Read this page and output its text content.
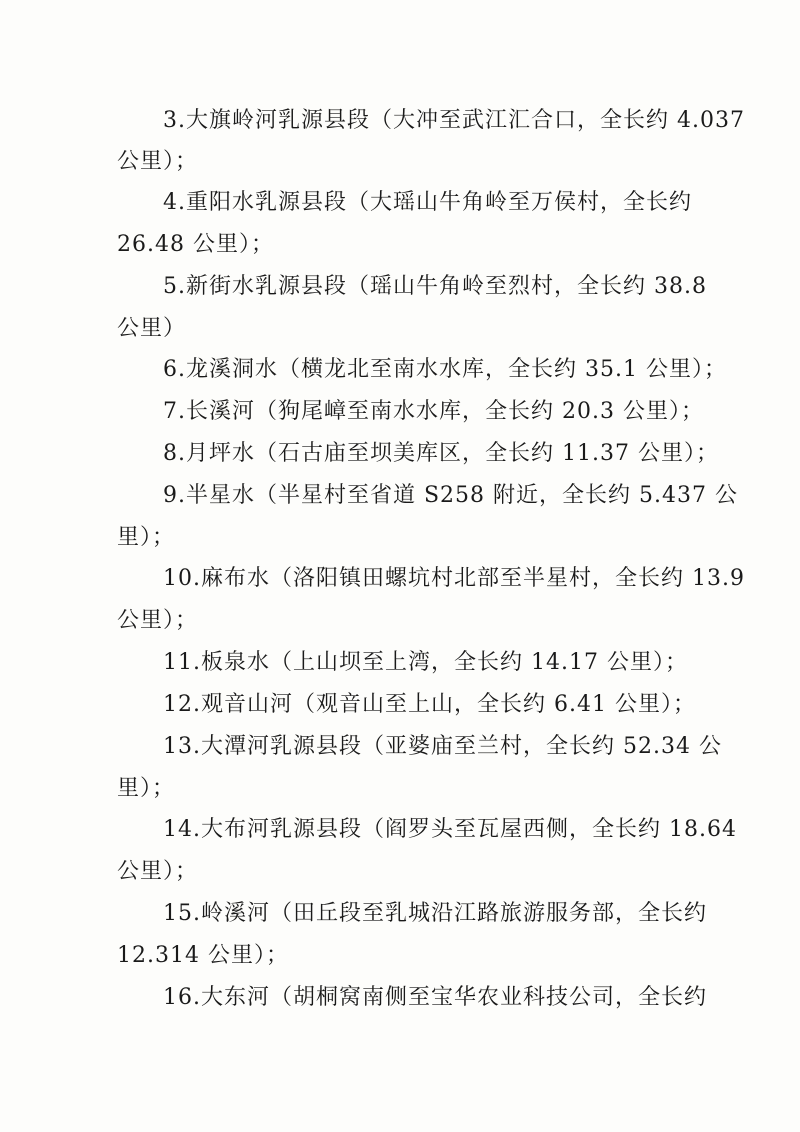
3.大旗岭河乳源县段（大冲至武江汇合口，全长约 4.037

公里）；

4.重阳水乳源县段（大瑶山牛角岭至万侯村，全长约

26.48 公里）；

5.新街水乳源县段（瑶山牛角岭至烈村，全长约 38.8

公里）

6.龙溪洞水（横龙北至南水水库，全长约 35.1 公里）；

7.长溪河（狗尾嶂至南水水库，全长约 20.3 公里）；

8.月坪水（石古庙至坝美库区，全长约 11.37 公里）；

9.半星水（半星村至省道 S258 附近，全长约 5.437 公

里）；

10.麻布水（洛阳镇田螺坑村北部至半星村，全长约 13.9

公里）；

11.板泉水（上山坝至上湾，全长约 14.17 公里）；

12.观音山河（观音山至上山，全长约 6.41 公里）；

13.大潭河乳源县段（亚婆庙至兰村，全长约 52.34 公

里）；

14.大布河乳源县段（阎罗头至瓦屋西侧，全长约 18.64

公里）；

15.岭溪河（田丘段至乳城沿江路旅游服务部，全长约

12.314 公里）；

16.大东河（胡桐窝南侧至宝华农业科技公司，全长约
